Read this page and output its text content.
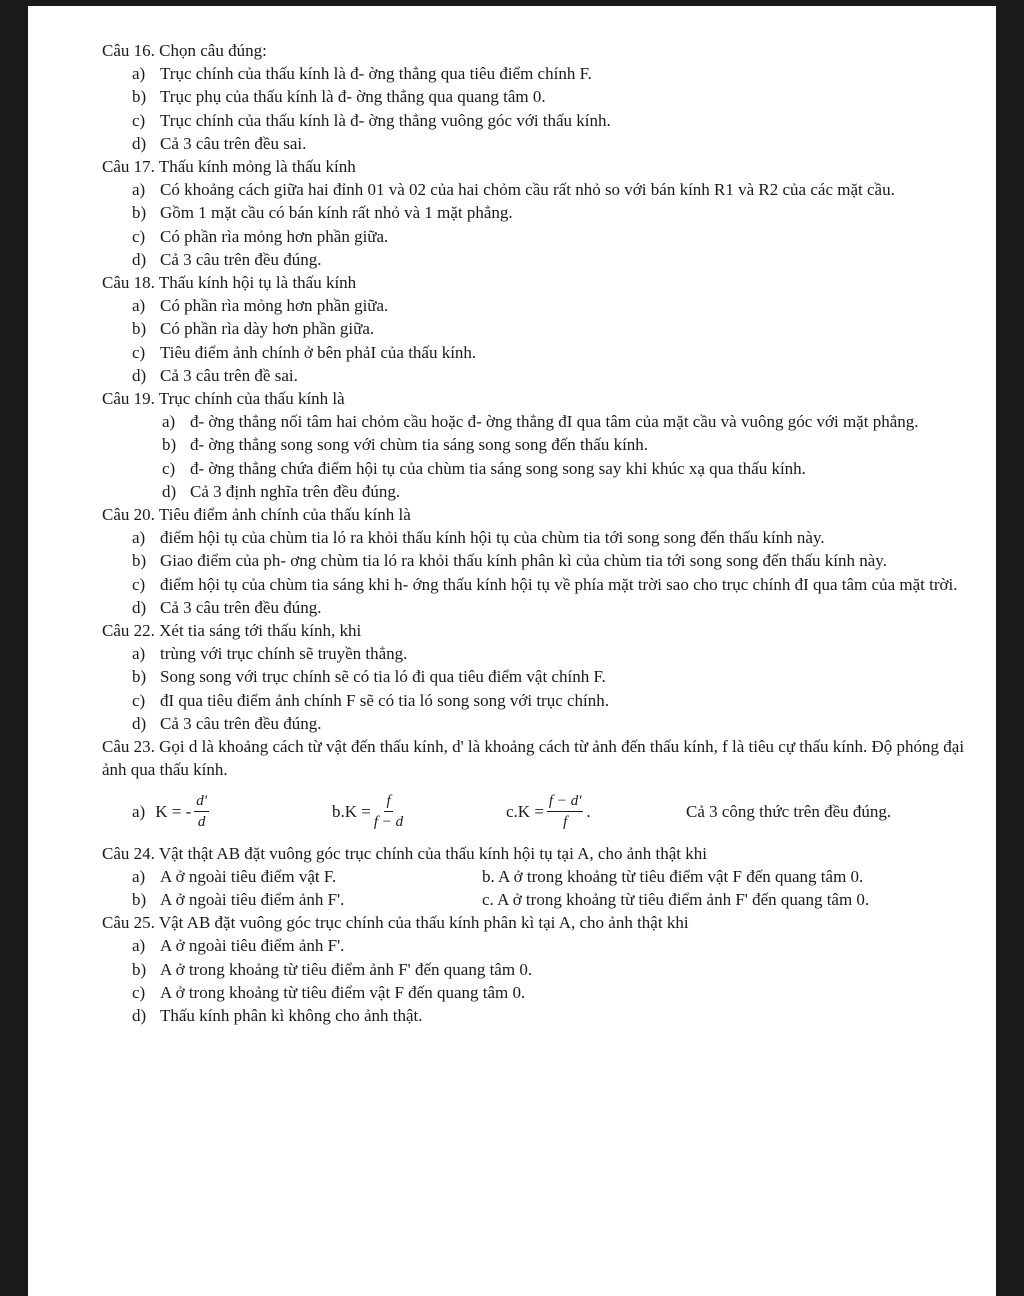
Câu 16. Chọn câu đúng:

a) Trục chính của thấu kính là đ- ờng thẳng qua tiêu điểm chính F.

b) Trục phụ của thấu kính là đ- ờng thẳng qua quang tâm 0.

c) Trục chính của thấu kính là đ- ờng thẳng vuông góc với thấu kính.

d) Cả 3 câu trên đều sai.

Câu 17. Thấu kính mỏng là thấu kính

a) Có khoảng cách giữa hai đỉnh 01 và 02 của hai chỏm cầu rất nhỏ so với bán kính R1 và R2 của các mặt cầu.

b) Gồm 1 mặt cầu có bán kính rất nhỏ và 1 mặt phẳng.

c) Có phần rìa mỏng hơn phần giữa.

d) Cả 3 câu trên đều đúng.

Câu 18. Thấu kính hội tụ là thấu kính

a) Có phần rìa mỏng hơn phần giữa.

b) Có phần rìa dày hơn phần giữa.

c) Tiêu điểm ảnh chính ở bên phảI của thấu kính.

d) Cả 3 câu trên đề sai.

Câu 19. Trục chính của thấu kính là

a) đ- ờng thẳng nối tâm hai chỏm cầu hoặc đ- ờng thẳng đI qua tâm của mặt cầu và vuông góc với mặt phẳng.

b) đ- ờng thẳng song song với chùm tia sáng song song đến thấu kính.

c) đ- ờng thẳng chứa điểm hội tụ của chùm tia sáng song song say khi khúc xạ qua thấu kính.

d) Cả 3 định nghĩa trên đều đúng.

Câu 20. Tiêu điểm ảnh chính của thấu kính là

a) điểm hội tụ của chùm tia ló ra khỏi thấu kính hội tụ của chùm tia tới song song đến thấu kính này.

b) Giao điểm của ph- ơng chùm tia ló ra khỏi thấu kính phân kì của chùm tia tới song song đến thấu kính này.

c) điểm hội tụ của chùm tia sáng khi h- ớng thấu kính hội tụ về phía mặt trời sao cho trục chính đI qua tâm của mặt trời.

d) Cả 3 câu trên đều đúng.

Câu 22. Xét tia sáng tới thấu kính, khi

a) trùng với trục chính sẽ truyền thẳng.

b) Song song với trục chính sẽ có tia ló đi qua tiêu điểm vật chính F.

c) đI qua tiêu điểm ảnh chính F sẽ có tia ló song song với trục chính.

d) Cả 3 câu trên đều đúng.

Câu 23. Gọi d là khoảng cách từ vật đến thấu kính, d' là khoảng cách từ ảnh đến thấu kính, f là tiêu cự thấu kính. Độ phóng đại ảnh qua thấu kính.

a) K = - $\frac{d'}{d}$	$b.K = \frac{f}{f - d}$	$c.K = \frac{f - d'}{f}$ .	Cả 3 công thức trên đều đúng.

Câu 24. Vật thật AB đặt vuông góc trục chính của thấu kính hội tụ tại A, cho ảnh thật khi

a) A ở ngoài tiêu điểm vật F.	b. A ở trong khoảng từ tiêu điểm vật F đến quang tâm 0.
b) A ở ngoài tiêu điểm ảnh F'.	c. A ở trong khoảng từ tiêu điểm ảnh F' đến quang tâm 0.

Câu 25. Vật AB đặt vuông góc trục chính của thấu kính phân kì tại A, cho ảnh thật khi

a) A ở ngoài tiêu điểm ảnh F'.

b) A ở trong khoảng từ tiêu điểm ảnh F' đến quang tâm 0.

c) A ở trong khoảng từ tiêu điểm vật F đến quang tâm 0.

d) Thấu kính phân kì không cho ảnh thật.
